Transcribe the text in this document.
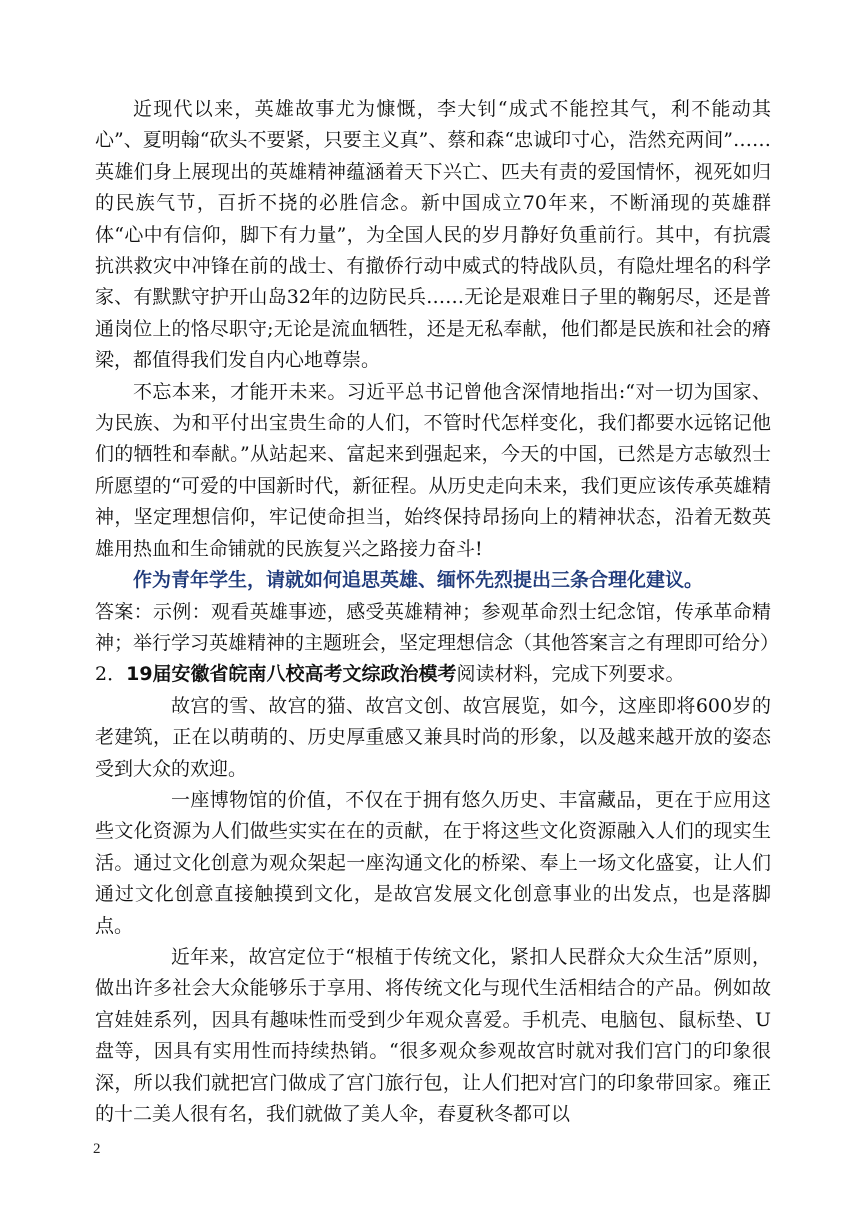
近现代以来，英雄故事尤为慷慨，李大钊“成式不能控其气，利不能动其心”、夏明翰“砍头不要紧，只要主义真”、蔡和森“忠诚印寸心，浩然充两间”……英雄们身上展现出的英雄精神蕴涵着天下兴亡、匹夫有责的爱国情怀，视死如归的民族气节，百折不挠的必胜信念。新中国成立70年来，不断涌现的英雄群体“心中有信仰，脚下有力量”，为全国人民的岁月静好负重前行。其中，有抗震抗洪救灾中冲锋在前的战士、有撤侨行动中威式的特战队员，有隐灶埋名的科学家、有默默守护开山岛32年的边防民兵……无论是艰难日子里的鞠躬尽，还是普通岗位上的恪尽职守;无论是流血牺牲，还是无私奉献，他们都是民族和社会的瘠梁，都值得我们发自内心地尊崇。

不忘本来，才能开未来。习近平总书记曾他含深情地指出:“对一切为国家、为民族、为和平付出宝贵生命的人们，不管时代怎样变化，我们都要水远铭记他们的牺牲和奉献。”从站起来、富起来到强起来，今天的中国，已然是方志敏烈士所愿望的“可爱的中国新时代，新征程。从历史走向未来，我们更应该传承英雄精神，坚定理想信仰，牢记使命担当，始终保持昂扬向上的精神状态，沿着无数英雄用热血和生命铺就的民族复兴之路接力奋斗!

作为青年学生，请就如何追思英雄、缅怀先烈提出三条合理化建议。

答案：示例：观看英雄事迹，感受英雄精神；参观革命烈士纪念馆，传承革命精神；举行学习英雄精神的主题班会，坚定理想信念（其他答案言之有理即可给分）

2．19届安徽省皖南八校高考文综政治模考阅读材料，完成下列要求。

故宫的雪、故宫的猫、故宫文创、故宫展览，如今，这座即将600岁的老建筑，正在以萌萌的、历史厚重感又兼具时尚的形象，以及越来越开放的姿态受到大众的欢迎。

一座博物馆的价值，不仅在于拥有悠久历史、丰富藏品，更在于应用这些文化资源为人们做些实实在在的贡献，在于将这些文化资源融入人们的现实生活。通过文化创意为观众架起一座沟通文化的桥梁、奉上一场文化盛宴，让人们通过文化创意直接触摸到文化，是故宫发展文化创意事业的出发点，也是落脚点。

近年来，故宫定位于“根植于传统文化，紧扣人民群众大众生活”原则，做出许多社会大众能够乐于享用、将传统文化与现代生活相结合的产品。例如故宫娃娃系列，因具有趣味性而受到少年观众喜爱。手机壳、电脑包、鼠标垫、U盘等，因具有实用性而持续热销。“很多观众参观故宫时就对我们宫门的印象很深，所以我们就把宫门做成了宫门旅行包，让人们把对宫门的印象带回家。雍正的十二美人很有名，我们就做了美人伞，春夏秋冬都可以

2
